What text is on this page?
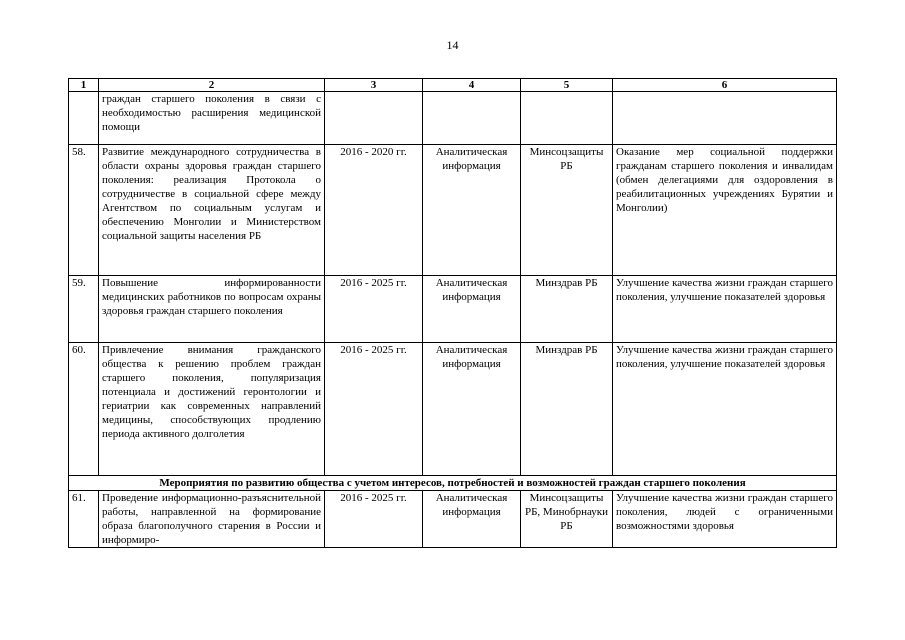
14
1	2	3	4	5	6
	граждан старшего поколения в связи с необходимостью расширения медицинской помощи				
58.	Развитие международного сотрудничества в области охраны здоровья граждан старшего поколения: реализация Протокола о сотрудничестве в социальной сфере между Агентством по социальным услугам и обеспечению Монголии и Министерством социальной защиты населения РБ	2016 - 2020 гг.	Аналитическая информация	Минсоцзащиты РБ	Оказание мер социальной поддержки гражданам старшего поколения и инвалидам (обмен делегациями для оздоровления в реабилитационных учреждениях Бурятии и Монголии)
59.	Повышение информированности медицинских работников по вопросам охраны здоровья граждан старшего поколения	2016 - 2025 гг.	Аналитическая информация	Минздрав РБ	Улучшение качества жизни граждан старшего поколения, улучшение показателей здоровья
60.	Привлечение внимания гражданского общества к решению проблем граждан старшего поколения, популяризация потенциала и достижений геронтологии и гериатрии как современных направлений медицины, способствующих продлению периода активного долголетия	2016 - 2025 гг.	Аналитическая информация	Минздрав РБ	Улучшение качества жизни граждан старшего поколения, улучшение показателей здоровья
Мероприятия по развитию общества с учетом интересов, потребностей и возможностей граждан старшего поколения					
61.	Проведение информационно-разъяснительной работы, направленной на формирование образа благополучного старения в России и информиро-	2016 - 2025 гг.	Аналитическая информация	Минсоцзащиты РБ, Минобрнауки РБ	Улучшение качества жизни граждан старшего поколения, людей с ограниченными возможностями здоровья
